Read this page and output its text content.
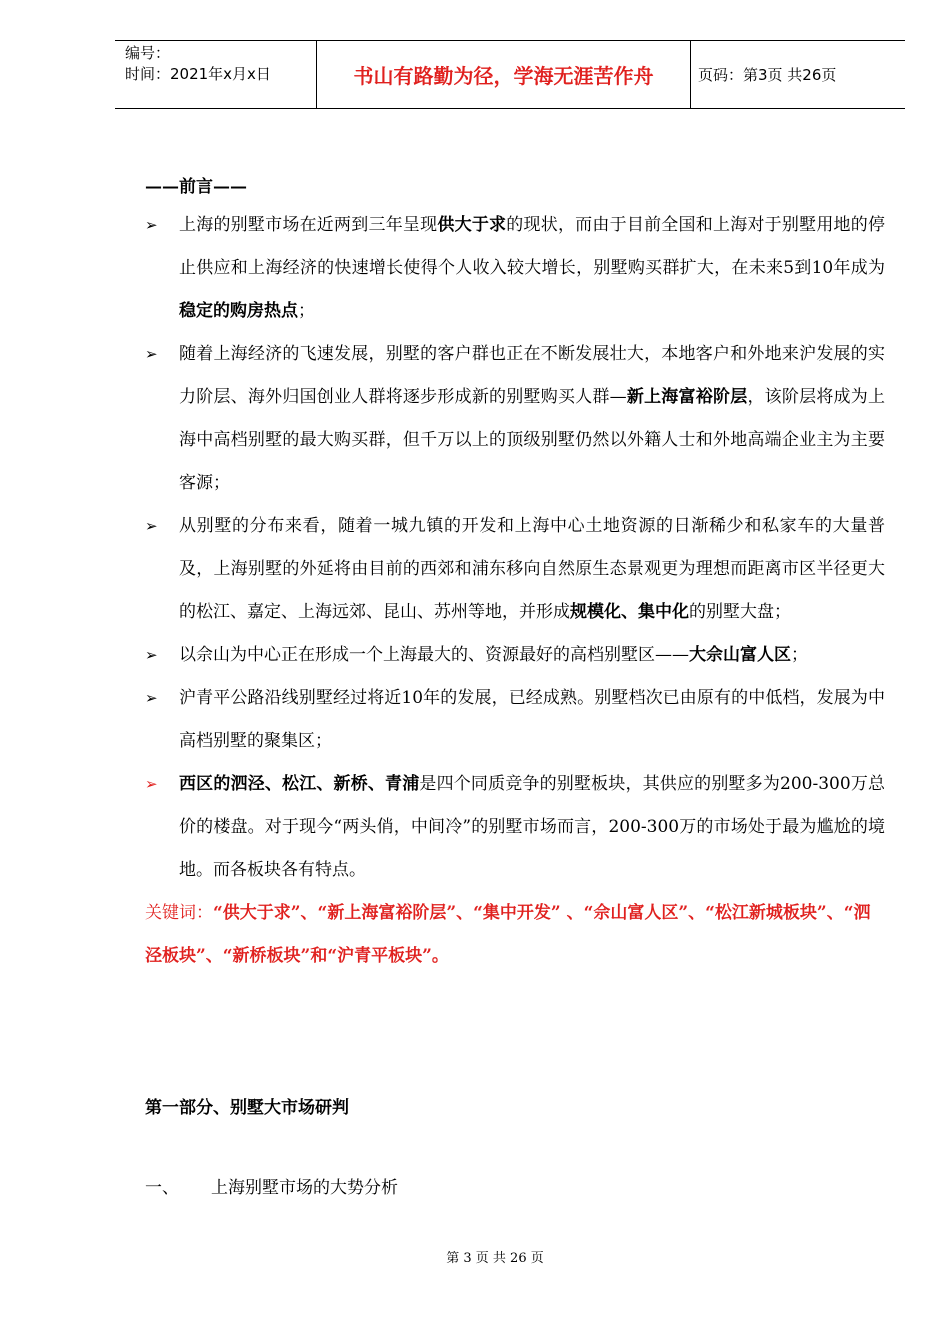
编号：
时间：2021年x月x日	书山有路勤为径，学海无涯苦作舟	页码：第3页 共26页
——前言——
➢ 上海的别墅市场在近两到三年呈现供大于求的现状，而由于目前全国和上海对于别墅用地的停止供应和上海经济的快速增长使得个人收入较大增长，别墅购买群扩大，在未来5到10年成为稳定的购房热点；
➢ 随着上海经济的飞速发展，别墅的客户群也正在不断发展壮大，本地客户和外地来沪发展的实力阶层、海外归国创业人群将逐步形成新的别墅购买人群—新上海富裕阶层，该阶层将成为上海中高档别墅的最大购买群，但千万以上的顶级别墅仍然以外籍人士和外地高端企业主为主要客源；
➢ 从别墅的分布来看，随着一城九镇的开发和上海中心土地资源的日渐稀少和私家车的大量普及，上海别墅的外延将由目前的西郊和浦东移向自然原生态景观更为理想而距离市区半径更大的松江、嘉定、上海远郊、昆山、苏州等地，并形成规模化、集中化的别墅大盘；
➢ 以佘山为中心正在形成一个上海最大的、资源最好的高档别墅区——大佘山富人区；
➢ 沪青平公路沿线别墅经过将近10年的发展，已经成熟。别墅档次已由原有的中低档，发展为中高档别墅的聚集区；
➢ 西区的泗泾、松江、新桥、青浦是四个同质竞争的别墅板块，其供应的别墅多为200-300万总价的楼盘。对于现今“两头俏，中间冷”的别墅市场而言，200-300万的市场处于最为尴尬的境地。而各板块各有特点。
关键词：“供大于求”、“新上海富裕阶层”、“集中开发” 、“佘山富人区”、“松江新城板块”、“泗泾板块”、“新桥板块”和“沪青平板块”。
第一部分、别墅大市场研判
一、 上海别墅市场的大势分析
第 3 页 共 26 页
